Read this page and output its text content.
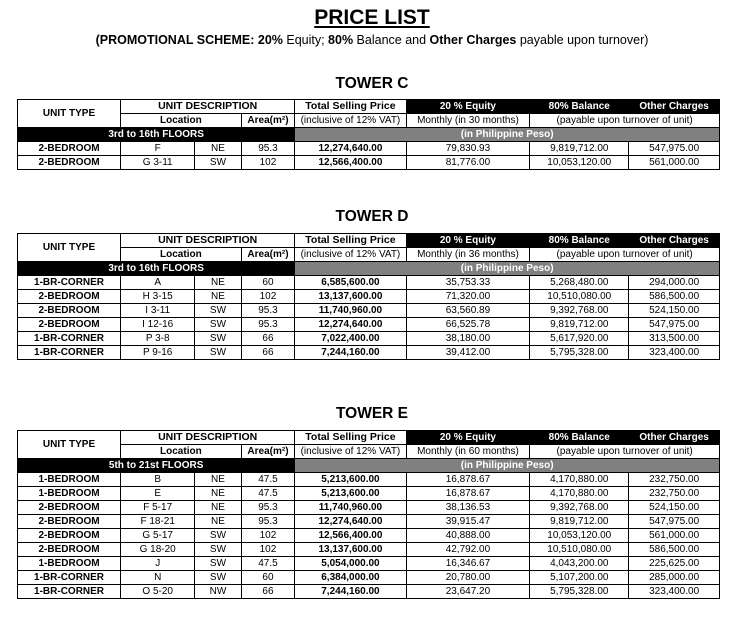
PRICE LIST
(PROMOTIONAL SCHEME: 20% Equity; 80% Balance and Other Charges payable upon turnover)
TOWER C
UNIT TYPE	UNIT DESCRIPTION			Total Selling Price	20 % Equity	80% Balance	Other Charges
	Location		Area(m²)	(inclusive of 12% VAT)	Monthly (in 30 months)	(payable upon turnover of unit)	
3rd to 16th FLOORS				(in Philippine Peso)			
2-BEDROOM	F	NE	95.3	12,274,640.00	79,830.93	9,819,712.00	547,975.00
2-BEDROOM	G 3-11	SW	102	12,566,400.00	81,776.00	10,053,120.00	561,000.00
TOWER D
UNIT TYPE	UNIT DESCRIPTION			Total Selling Price	20 % Equity	80% Balance	Other Charges
	Location		Area(m²)	(inclusive of 12% VAT)	Monthly (in 36 months)	(payable upon turnover of unit)	
3rd to 16th FLOORS				(in Philippine Peso)			
1-BR-CORNER	A	NE	60	6,585,600.00	35,753.33	5,268,480.00	294,000.00
2-BEDROOM	H 3-15	NE	102	13,137,600.00	71,320.00	10,510,080.00	586,500.00
2-BEDROOM	I 3-11	SW	95.3	11,740,960.00	63,560.89	9,392,768.00	524,150.00
2-BEDROOM	I 12-16	SW	95.3	12,274,640.00	66,525.78	9,819,712.00	547,975.00
1-BR-CORNER	P 3-8	SW	66	7,022,400.00	38,180.00	5,617,920.00	313,500.00
1-BR-CORNER	P 9-16	SW	66	7,244,160.00	39,412.00	5,795,328.00	323,400.00
TOWER E
UNIT TYPE	UNIT DESCRIPTION			Total Selling Price	20 % Equity	80% Balance	Other Charges
	Location		Area(m²)	(inclusive of 12% VAT)	Monthly (in 60 months)	(payable upon turnover of unit)	
5th to 21st FLOORS				(in Philippine Peso)			
1-BEDROOM	B	NE	47.5	5,213,600.00	16,878.67	4,170,880.00	232,750.00
1-BEDROOM	E	NE	47.5	5,213,600.00	16,878.67	4,170,880.00	232,750.00
2-BEDROOM	F 5-17	NE	95.3	11,740,960.00	38,136.53	9,392,768.00	524,150.00
2-BEDROOM	F 18-21	NE	95.3	12,274,640.00	39,915.47	9,819,712.00	547,975.00
2-BEDROOM	G 5-17	SW	102	12,566,400.00	40,888.00	10,053,120.00	561,000.00
2-BEDROOM	G 18-20	SW	102	13,137,600.00	42,792.00	10,510,080.00	586,500.00
1-BEDROOM	J	SW	47.5	5,054,000.00	16,346.67	4,043,200.00	225,625.00
1-BR-CORNER	N	SW	60	6,384,000.00	20,780.00	5,107,200.00	285,000.00
1-BR-CORNER	O 5-20	NW	66	7,244,160.00	23,647.20	5,795,328.00	323,400.00
